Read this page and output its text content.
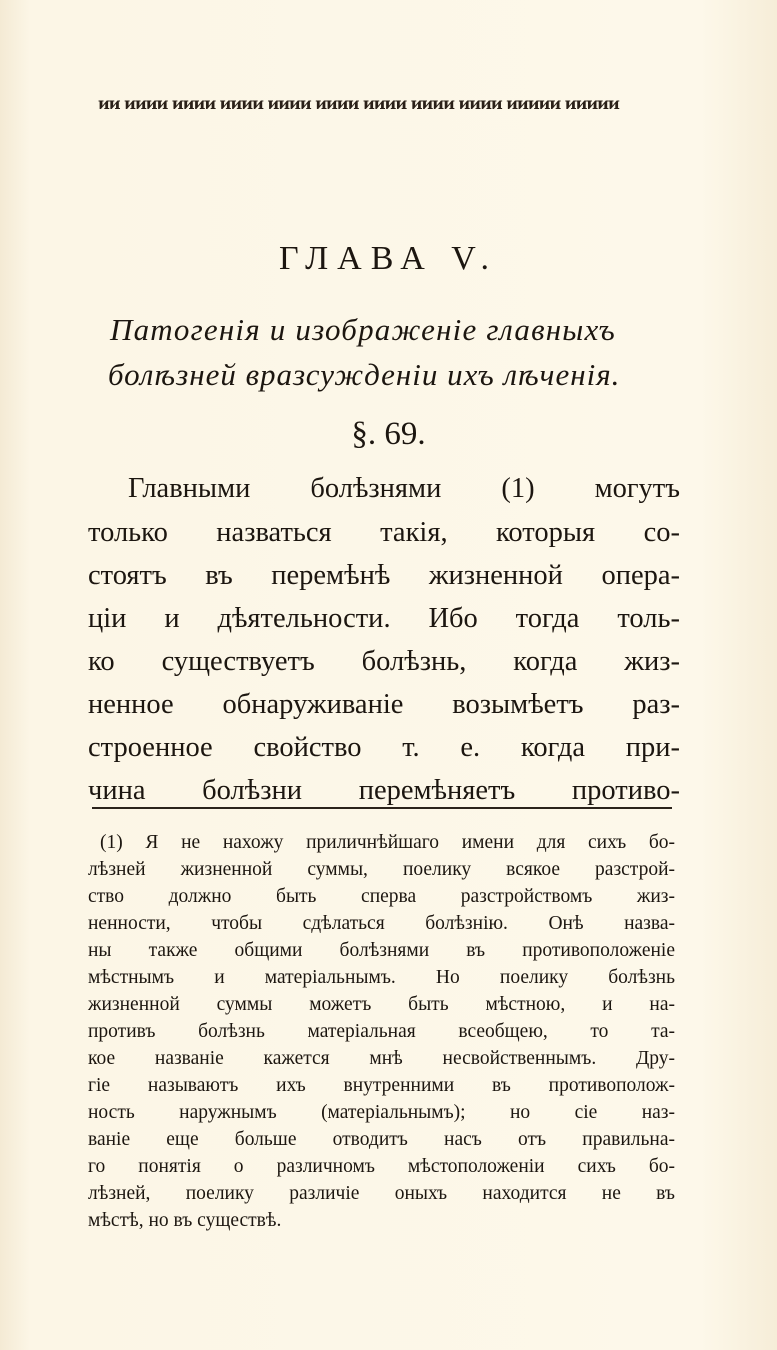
ᴎᴎ ᴎᴎᴎᴎ ᴎᴎᴎᴎ ᴎᴎᴎᴎ ᴎᴎᴎᴎ ᴎᴎᴎᴎ ᴎᴎᴎᴎ ᴎᴎᴎᴎ ᴎᴎᴎᴎ ᴎᴎᴎᴎᴎ ᴎᴎᴎᴎᴎ
ГЛАВА V.
Патогенія и изображеніе главныхъ
болѣзней вразсужденіи ихъ лѣченія.
§. 69.
Главными болѣзнями (1) могутъ
только назваться такія, которыя со-
стоятъ въ перемѣнѣ жизненной опера-
ціи и дѣятельности. Ибо тогда толь-
ко существуетъ болѣзнь, когда жиз-
ненное обнаруживаніе возымѣетъ раз-
строенное свойство т. е. когда при-
чина болѣзни перемѣняетъ противо-
(1) Я не нахожу приличнѣйшаго имени для сихъ бо-
лѣзней жизненной суммы, поелику всякое разстрой-
ство должно быть сперва разстройствомъ жиз-
ненности, чтобы сдѣлаться болѣзнію. Онѣ назва-
ны также общими болѣзнями въ противоположеніе
мѣстнымъ и матеріальнымъ. Но поелику болѣзнь
жизненной суммы можетъ быть мѣстною, и на-
противъ болѣзнь матеріальная всеобщею, то та-
кое названіе кажется мнѣ несвойственнымъ. Дру-
гіе называютъ ихъ внутренними въ противополож-
ность наружнымъ (матеріальнымъ); но сіе наз-
ваніе еще больше отводитъ насъ отъ правильна-
го понятія о различномъ мѣстоположеніи сихъ бо-
лѣзней, поелику различіе оныхъ находится не въ
мѣстѣ, но въ существѣ.
